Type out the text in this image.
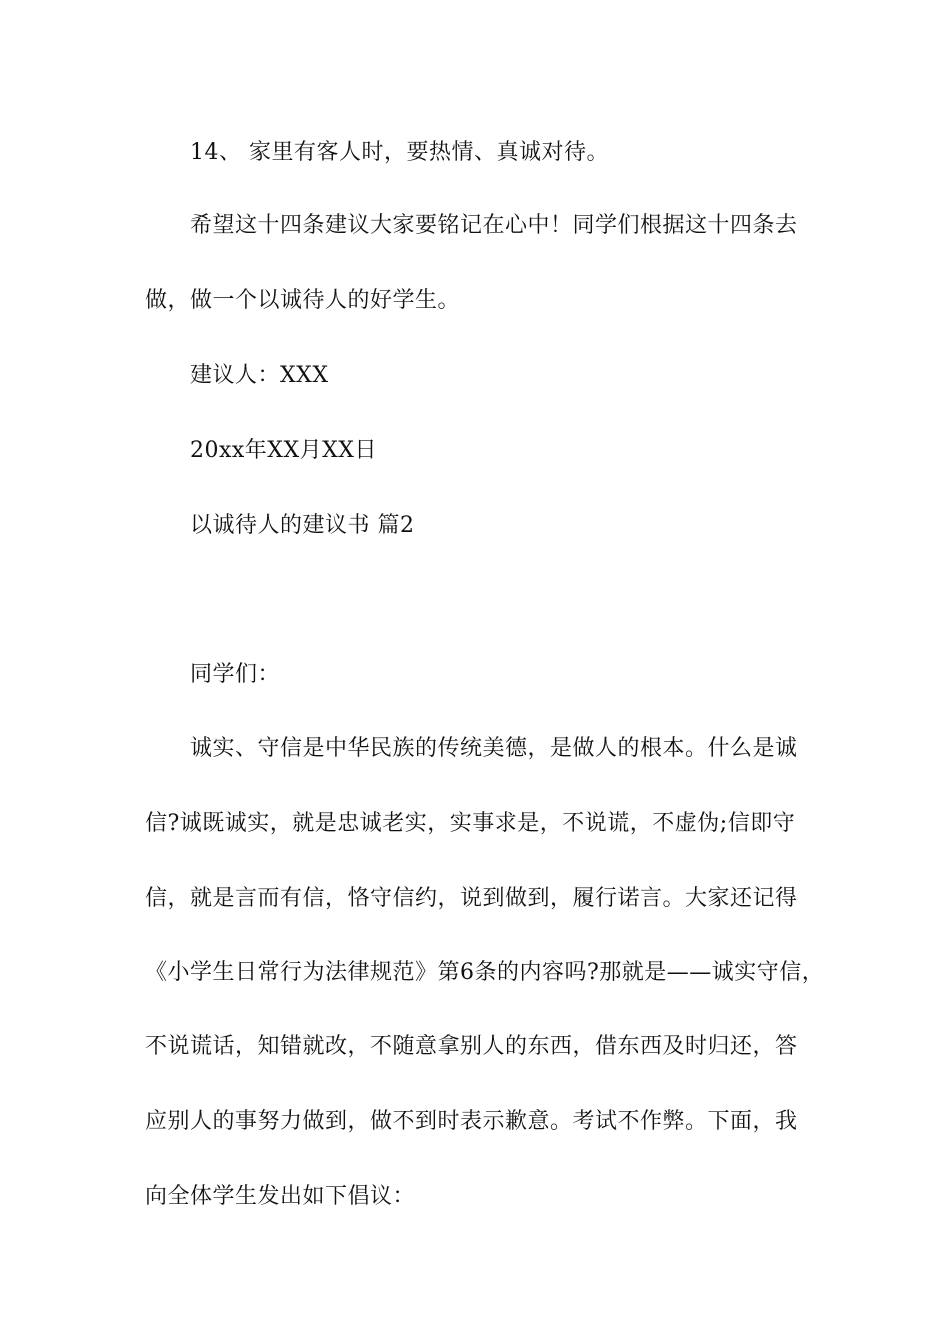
14、 家里有客人时，要热情、真诚对待。
希望这十四条建议大家要铭记在心中！同学们根据这十四条去
做，做一个以诚待人的好学生。
建议人：XXX
20xx年XX月XX日
以诚待人的建议书 篇2
同学们：
诚实、守信是中华民族的传统美德，是做人的根本。什么是诚
信?诚既诚实，就是忠诚老实，实事求是，不说谎，不虚伪;信即守
信，就是言而有信，恪守信约，说到做到，履行诺言。大家还记得
《小学生日常行为法律规范》第6条的内容吗?那就是——诚实守信，
不说谎话，知错就改，不随意拿别人的东西，借东西及时归还，答
应别人的事努力做到，做不到时表示歉意。考试不作弊。下面，我
向全体学生发出如下倡议：
